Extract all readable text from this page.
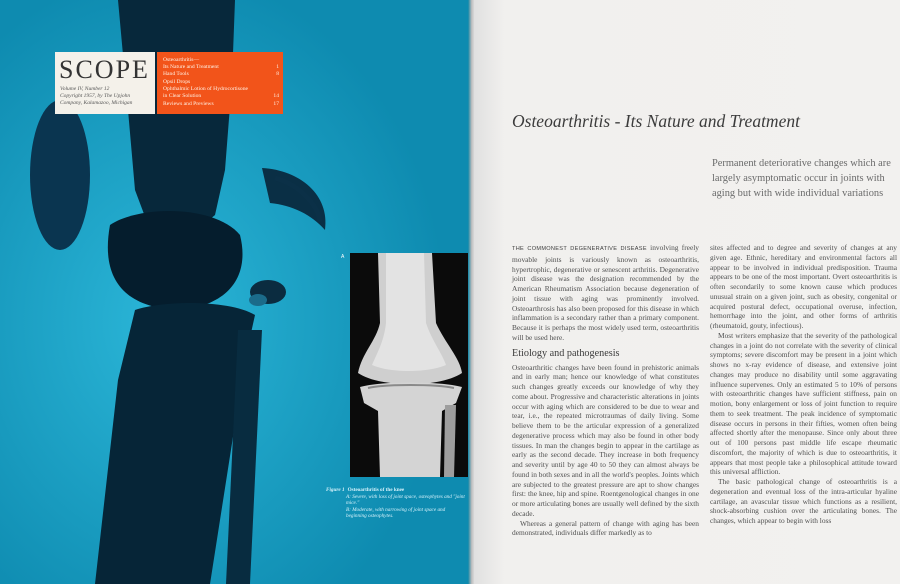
SCOPE
Volume IV, Number 12
Copyright 1957, by The Upjohn
Company, Kalamazoo, Michigan
Osteoarthritis—
Its Nature and Treatment	1
Hand Tools	8
Opsil Drops
Ophthalmic Lotion of Hydrocortisone
in Clear Solution	14
Reviews and Previews	17
A
Figure 1 Osteoarthritis of the knee
A: Severe, with loss of joint space, osteophytes and "joint mice."
B: Moderate, with narrowing of joint space and beginning osteophytes.
Osteoarthritis - Its Nature and Treatment
Permanent deteriorative changes which are largely asymptomatic occur in joints with aging but with wide individual variations

THE COMMONEST DEGENERATIVE DISEASE involving freely movable joints is variously known as osteoarthritis, hypertrophic, degenerative or senescent arthritis. Degenerative joint disease was the designation recommended by the American Rheumatism Association because degeneration of joint tissue with aging was prominently involved. Osteoarthrosis has also been proposed for this disease in which inflammation is a secondary rather than a primary component. Because it is perhaps the most widely used term, osteoarthritis will be used here.

Etiology and pathogenesis

Osteoarthritic changes have been found in prehistoric animals and in early man; hence our knowledge of what constitutes such changes greatly exceeds our knowledge of why they come about. Progressive and characteristic alterations in joints occur with aging which are considered to be due to wear and tear, i.e., the repeated microtraumas of daily living. Some believe them to be the articular expression of a generalized degenerative process which may also be found in other body tissues. In man the changes begin to appear in the cartilage as early as the second decade. They increase in both frequency and severity until by age 40 to 50 they can almost always be found in both sexes and in all the world's peoples. Joints which are subjected to the greatest pressure are apt to show changes first: the knee, hip and spine. Roentgenological changes in one or more articulating bones are usually well defined by the sixth decade.

Whereas a general pattern of change with aging has been demonstrated, individuals differ markedly as to

sites affected and to degree and severity of changes at any given age. Ethnic, hereditary and environmental factors all appear to be involved in individual predisposition. Trauma appears to be one of the most important. Overt osteoarthritis is often secondarily to some known cause which produces unusual strain on a given joint, such as obesity, congenital or acquired postural defect, occupational overuse, infection, hemorrhage into the joint, and other forms of arthritis (rheumatoid, gouty, infectious).

Most writers emphasize that the severity of the pathological changes in a joint do not correlate with the severity of clinical symptoms; severe discomfort may be present in a joint which shows no x-ray evidence of disease, and extensive joint changes may produce no disability until some aggravating influence supervenes. Only an estimated 5 to 10% of persons with osteoarthritic changes have sufficient stiffness, pain on motion, bony enlargement or loss of joint function to require them to seek treatment. The peak incidence of symptomatic disease occurs in persons in their fifties, women often being affected shortly after the menopause. Since only about three out of 100 persons past middle life escape rheumatic discomfort, the majority of which is due to osteoarthritis, it appears that most people take a philosophical attitude toward this universal affliction.

The basic pathological change of osteoarthritis is a degeneration and eventual loss of the intra-articular hyaline cartilage, an avascular tissue which functions as a resilient, shock-absorbing cushion over the articulating bones. The changes, which appear to begin with loss
